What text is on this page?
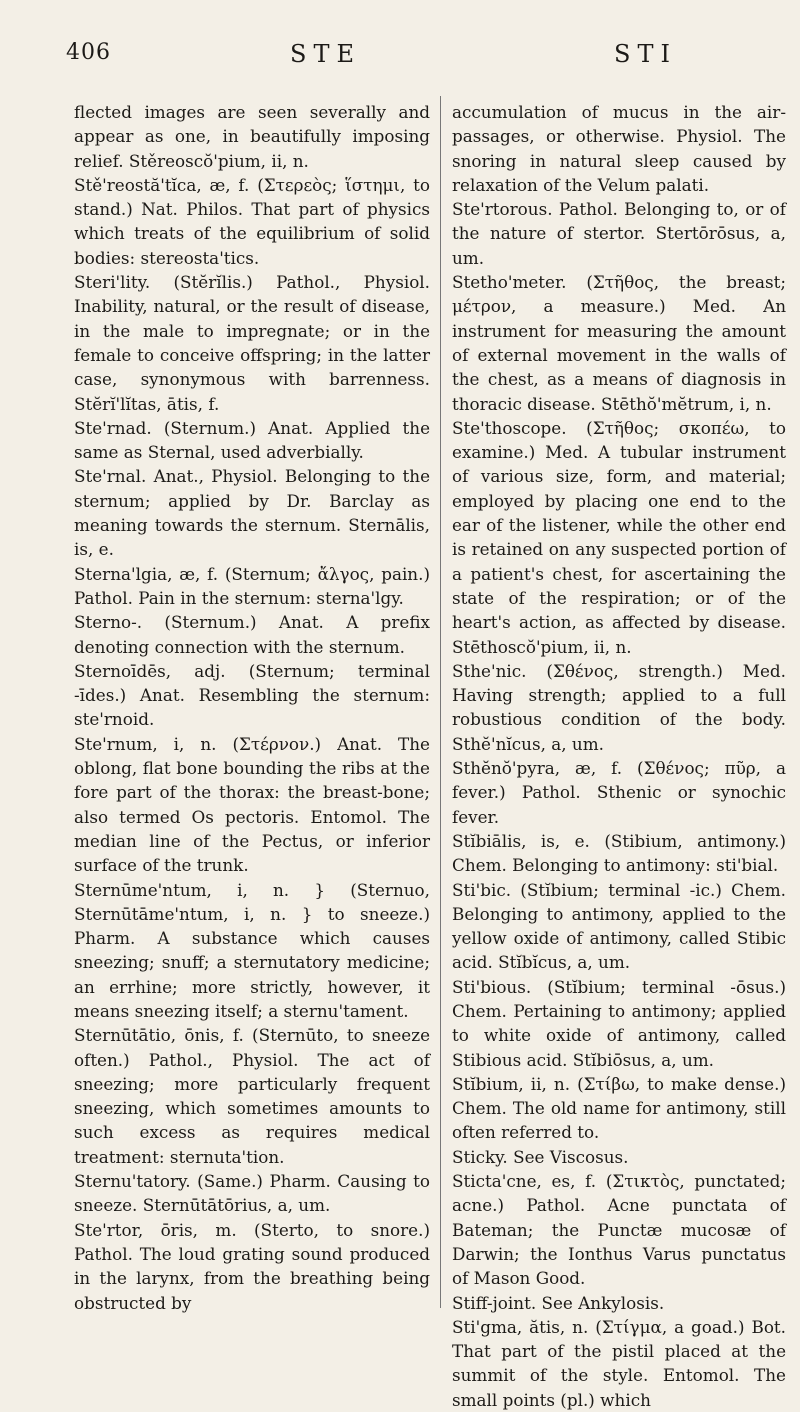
406	STE	STI

flected images are seen severally and appear as one, in beautifully imposing relief. Stěreoscŏ'pium, ii, n.

Stě'reostă'tĭca, æ, f. (Στερεὸς; ἵστημι, to stand.) Nat. Philos. That part of physics which treats of the equilibrium of solid bodies: stereosta'tics.

Steri'lity. (Stĕrĭlis.) Pathol., Physiol. Inability, natural, or the result of disease, in the male to impregnate; or in the female to conceive offspring; in the latter case, synonymous with barrenness. Stĕrĭ'lĭtas, ātis, f.

Ste'rnad. (Sternum.) Anat. Applied the same as Sternal, used adverbially.

Ste'rnal. Anat., Physiol. Belonging to the sternum; applied by Dr. Barclay as meaning towards the sternum. Sternālis, is, e.

Sterna'lgia, æ, f. (Sternum; ἄλγος, pain.) Pathol. Pain in the sternum: sterna'lgy.

Sterno-. (Sternum.) Anat. A prefix denoting connection with the sternum.

Sternoīdēs, adj. (Sternum; terminal -īdes.) Anat. Resembling the sternum: ste'rnoid.

Ste'rnum, i, n. (Στέρνον.) Anat. The oblong, flat bone bounding the ribs at the fore part of the thorax: the breast-bone; also termed Os pectoris. Entomol. The median line of the Pectus, or inferior surface of the trunk.

Sternūme'ntum, i, n. } (Sternuo, Sternūtāme'ntum, i, n. } to sneeze.) Pharm. A substance which causes sneezing; snuff; a sternutatory medicine; an errhine; more strictly, however, it means sneezing itself; a sternu'tament.

Sternūtātio, ōnis, f. (Sternūto, to sneeze often.) Pathol., Physiol. The act of sneezing; more particularly frequent sneezing, which sometimes amounts to such excess as requires medical treatment: sternuta'tion.

Sternu'tatory. (Same.) Pharm. Causing to sneeze. Sternūtātōrius, a, um.

Ste'rtor, ōris, m. (Sterto, to snore.) Pathol. The loud grating sound produced in the larynx, from the breathing being obstructed by

accumulation of mucus in the air-passages, or otherwise. Physiol. The snoring in natural sleep caused by relaxation of the Velum palati.

Ste'rtorous. Pathol. Belonging to, or of the nature of stertor. Stertōrōsus, a, um.

Stetho'meter. (Στῆθος, the breast; μέτρον, a measure.) Med. An instrument for measuring the amount of external movement in the walls of the chest, as a means of diagnosis in thoracic disease. Stēthŏ'mĕtrum, i, n.

Ste'thoscope. (Στῆθος; σκοπέω, to examine.) Med. A tubular instrument of various size, form, and material; employed by placing one end to the ear of the listener, while the other end is retained on any suspected portion of a patient's chest, for ascertaining the state of the respiration; or of the heart's action, as affected by disease. Stēthoscŏ'pium, ii, n.

Sthe'nic. (Σθένος, strength.) Med. Having strength; applied to a full robustious condition of the body. Sthĕ'nĭcus, a, um.

Sthĕnŏ'pyra, æ, f. (Σθένος; πῦρ, a fever.) Pathol. Sthenic or synochic fever.

Stĭbiālis, is, e. (Stibium, antimony.) Chem. Belonging to antimony: sti'bial.

Sti'bic. (Stĭbium; terminal -ic.) Chem. Belonging to antimony, applied to the yellow oxide of antimony, called Stibic acid. Stĭbĭcus, a, um.

Sti'bious. (Stĭbium; terminal -ōsus.) Chem. Pertaining to antimony; applied to white oxide of antimony, called Stibious acid. Stĭbiōsus, a, um.

Stĭbium, ii, n. (Στίβω, to make dense.) Chem. The old name for antimony, still often referred to.

Sticky. See Viscosus.

Sticta'cne, es, f. (Στικτὸς, punctated; acne.) Pathol. Acne punctata of Bateman; the Punctæ mucosæ of Darwin; the Ionthus Varus punctatus of Mason Good.

Stiff-joint. See Ankylosis.

Sti'gma, ătis, n. (Στίγμα, a goad.) Bot. That part of the pistil placed at the summit of the style. Entomol. The small points (pl.) which
